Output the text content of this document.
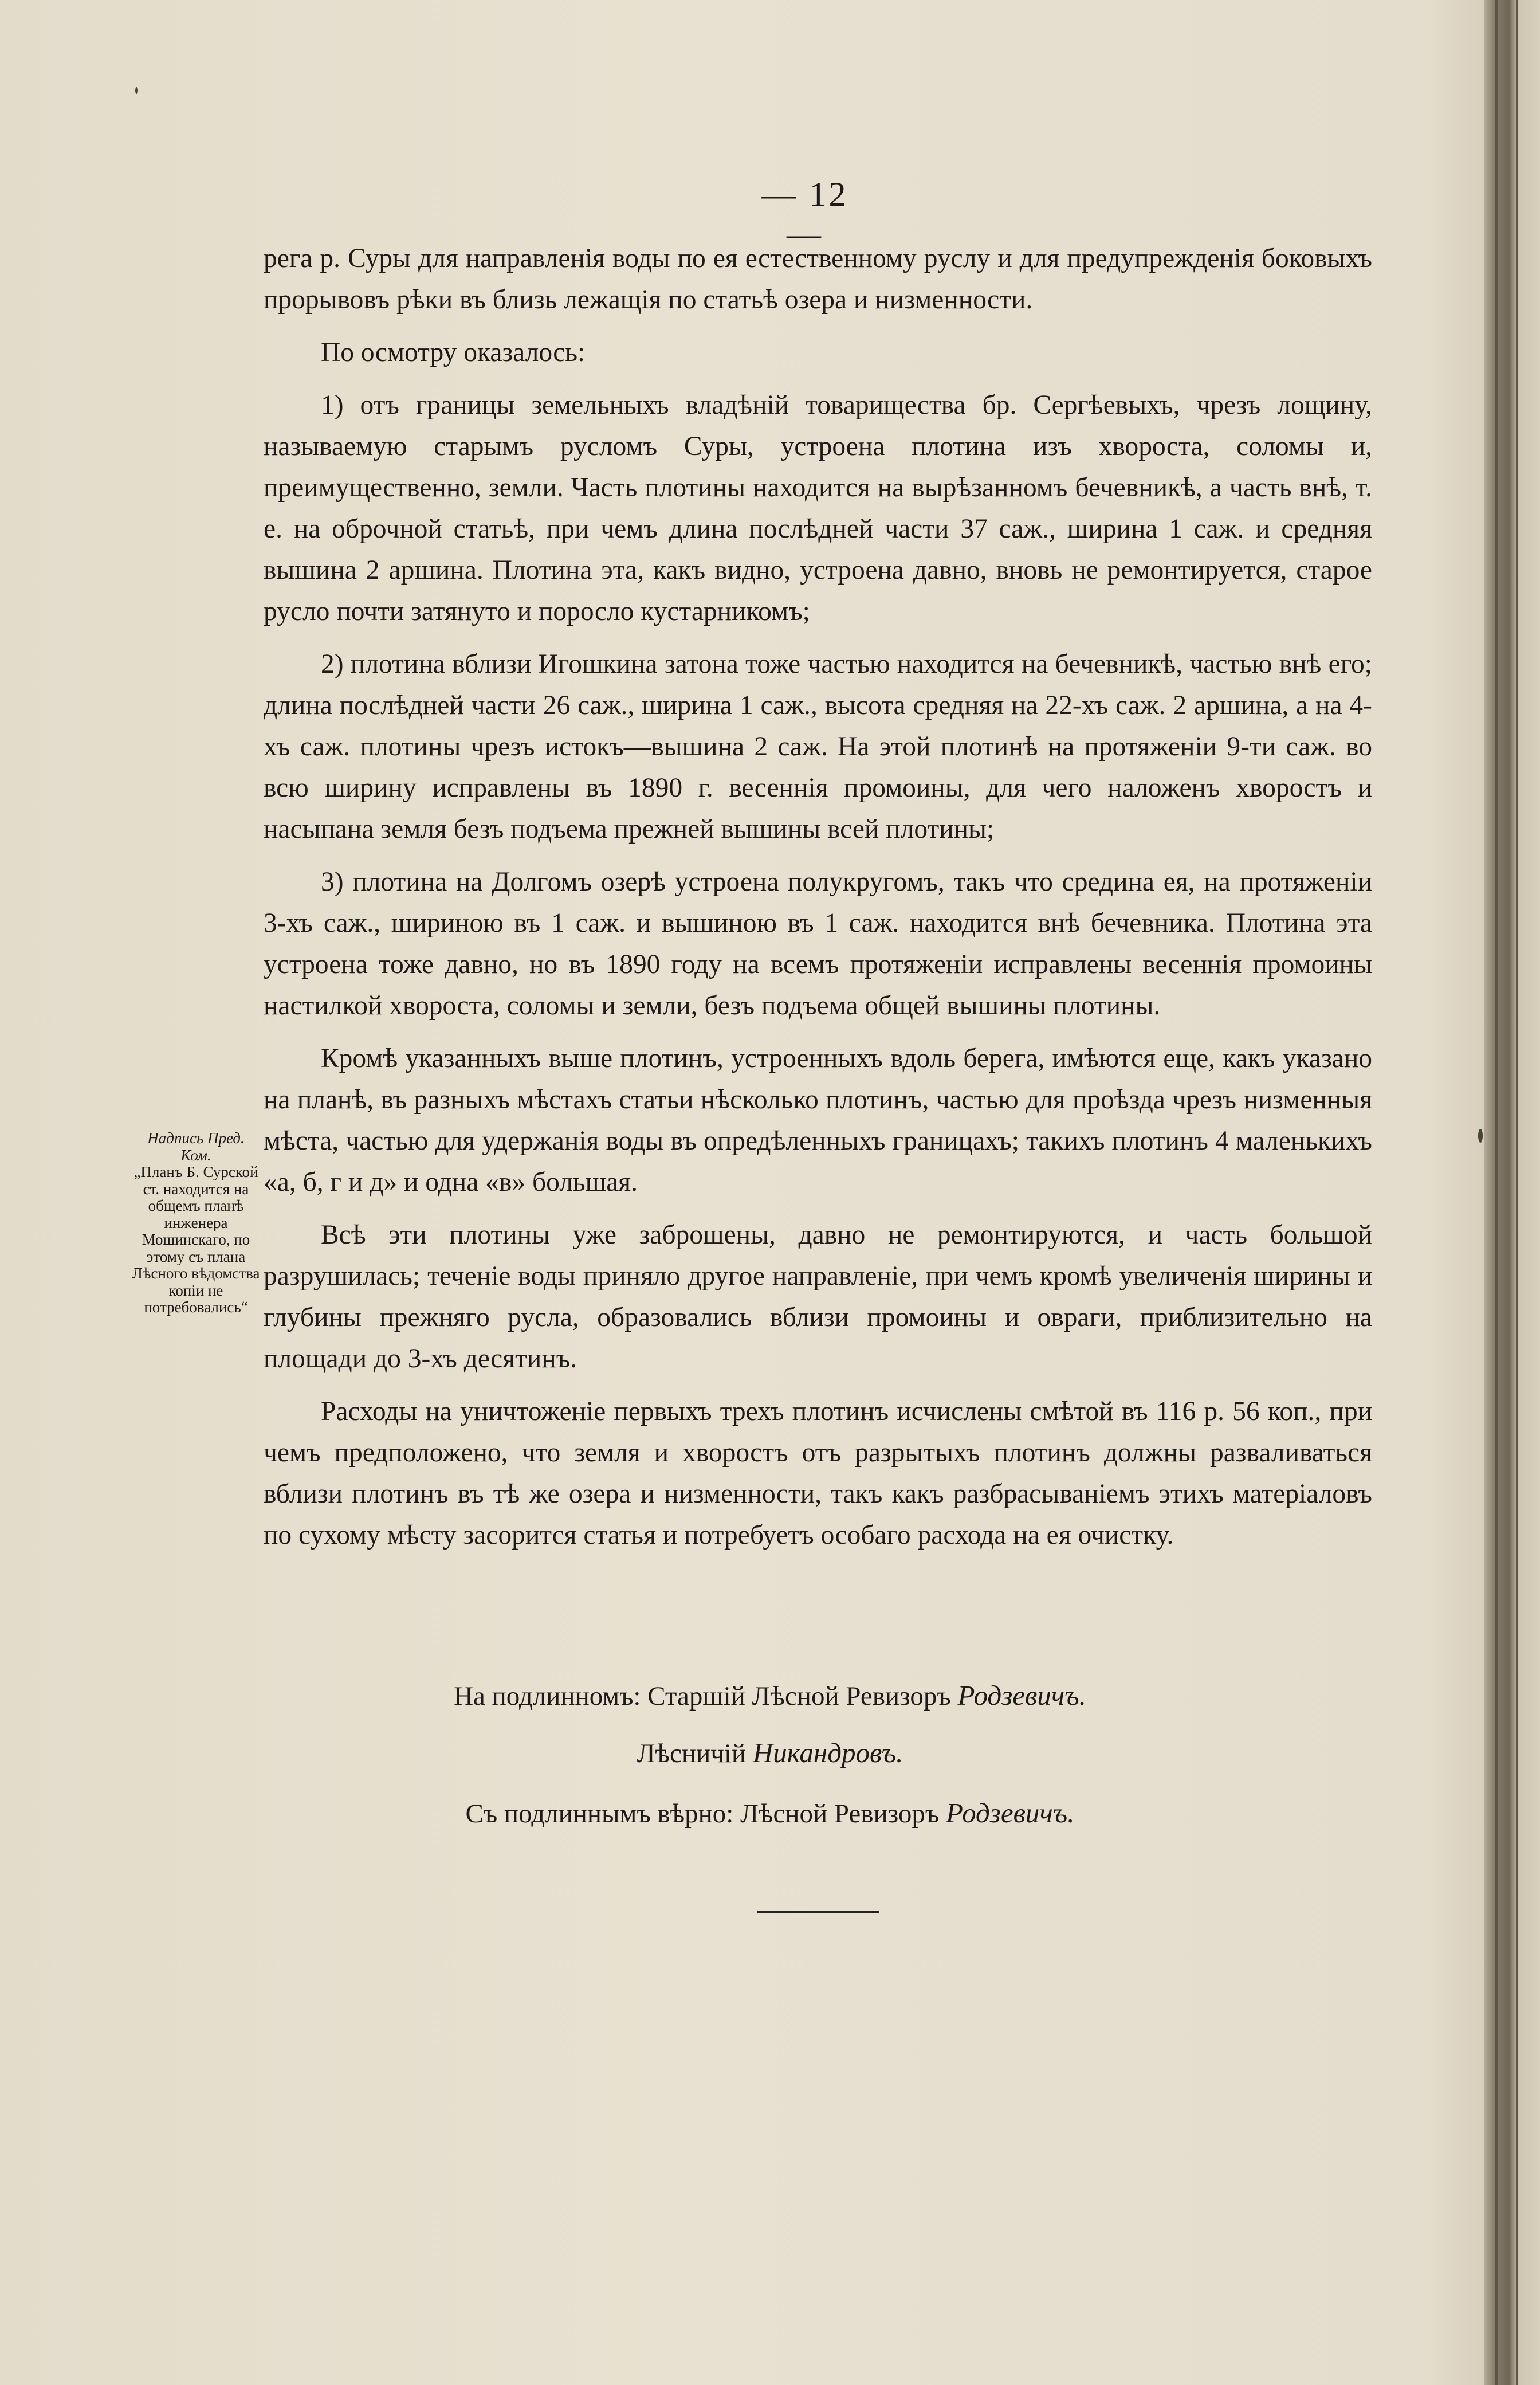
— 12 —

рега р. Суры для направленія воды по ея естественному руслу и для предупрежденія боковыхъ прорывовъ рѣки въ близь лежащія по статьѣ озера и низменности.

По осмотру оказалось:

1) отъ границы земельныхъ владѣній товарищества бр. Сергѣевыхъ, чрезъ лощину, называемую старымъ русломъ Суры, устроена плотина изъ хвороста, соломы и, преимущественно, земли. Часть плотины находится на вырѣзанномъ бечевникѣ, а часть внѣ, т. е. на оброчной статьѣ, при чемъ длина послѣдней части 37 саж., ширина 1 саж. и средняя вышина 2 аршина. Плотина эта, какъ видно, устроена давно, вновь не ремонтируется, старое русло почти затянуто и поросло кустарникомъ;

2) плотина вблизи Игошкина затона тоже частью находится на бечевникѣ, частью внѣ его; длина послѣдней части 26 саж., ширина 1 саж., высота средняя на 22-хъ саж. 2 аршина, а на 4-хъ саж. плотины чрезъ истокъ—вышина 2 саж. На этой плотинѣ на протяженіи 9-ти саж. во всю ширину исправлены въ 1890 г. весеннія промоины, для чего наложенъ хворостъ и насыпана земля безъ подъема прежней вышины всей плотины;

3) плотина на Долгомъ озерѣ устроена полукругомъ, такъ что средина ея, на протяженіи 3-хъ саж., шириною въ 1 саж. и вышиною въ 1 саж. находится внѣ бечевника. Плотина эта устроена тоже давно, но въ 1890 году на всемъ протяженіи исправлены весеннія промоины настилкой хвороста, соломы и земли, безъ подъема общей вышины плотины.

Кромѣ указанныхъ выше плотинъ, устроенныхъ вдоль берега, имѣются еще, какъ указано на планѣ, въ разныхъ мѣстахъ статьи нѣсколько плотинъ, частью для проѣзда чрезъ низменныя мѣста, частью для удержанія воды въ опредѣленныхъ границахъ; такихъ плотинъ 4 маленькихъ «а, б, г и д» и одна «в» большая.

Всѣ эти плотины уже заброшены, давно не ремонтируются, и часть большой разрушилась; теченіе воды приняло другое направленіе, при чемъ кромѣ увеличенія ширины и глубины прежняго русла, образовались вблизи промоины и овраги, приблизительно на площади до 3-хъ десятинъ.

Расходы на уничтоженіе первыхъ трехъ плотинъ исчислены смѣтой въ 116 р. 56 коп., при чемъ предположено, что земля и хворостъ отъ разрытыхъ плотинъ должны разваливаться вблизи плотинъ въ тѣ же озера и низменности, такъ какъ разбрасываніемъ этихъ матеріаловъ по сухому мѣсту засорится статья и потребуетъ особаго расхода на ея очистку.

Надпись Пред. Ком.
„Планъ Б. Сурской ст. находится на общемъ планѣ инженера Мошинскаго, по этому съ плана Лѣсного вѣдомства копіи не потребовались“
На подлинномъ: Старшій Лѣсной Ревизоръ Родзевичъ.
Лѣсничій Никандровъ.
Съ подлиннымъ вѣрно: Лѣсной Ревизоръ Родзевичъ.
